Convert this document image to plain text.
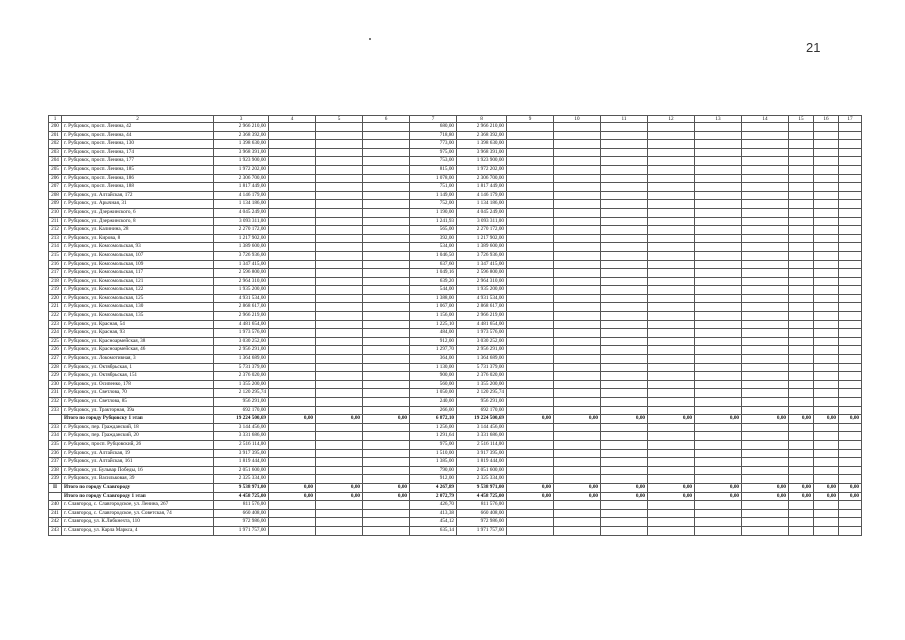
21
1	2	3	4	5	6	7	8	9	10	11	12	13	14	15	16	17
200	г. Рубцовск, просп. Ленина, 42	2 966 210,00				680,00	2 966 210,00									
201	г. Рубцовск, просп. Ленина, 44	2 368 392,00				718,80	2 368 392,00									
202	г. Рубцовск, просп. Ленина, 130	1 398 630,00				773,00	1 398 630,00									
203	г. Рубцовск, просп. Ленина, 174	3 968 391,00				975,00	3 968 391,00									
204	г. Рубцовск, просп. Ленина, 177	1 923 900,00				753,00	1 923 900,00									
205	г. Рубцовск, просп. Ленина, 185	1 972 202,00				815,00	1 972 202,00									
206	г. Рубцовск, просп. Ленина, 186	2 306 700,00				1 078,00	2 306 700,00									
207	г. Рубцовск, просп. Ленина, 188	1 817 449,00				751,00	1 817 449,00									
208	г. Рубцовск, ул. Алтайская, 172	4 146 179,00				1 149,00	4 146 179,00									
209	г. Рубцовск, ул. Арычная, 31	1 134 186,00				752,00	1 134 186,00									
210	г. Рубцовск, ул. Дзержинского, 6	4 045 249,00				1 190,00	4 045 249,00									
211	г. Рубцовск, ул. Дзержинского, 8	3 093 311,00				1 241,93	3 093 311,00									
212	г. Рубцовск, ул. Калинина, 28	2 270 172,00				565,00	2 270 172,00									
213	г. Рубцовск, ул. Кирова, 8	1 217 902,00				392,00	1 217 902,00									
214	г. Рубцовск, ул. Комсомольская, 93	1 389 600,00				534,00	1 389 600,00									
215	г. Рубцовск, ул. Комсомольская, 107	3 726 936,00				1 046,50	3 726 936,00									
216	г. Рубцовск, ул. Комсомольская, 109	1 347 415,00				637,60	1 347 415,00									
217	г. Рубцовск, ул. Комсомольская, 117	2 596 800,00				1 049,16	2 596 800,00									
218	г. Рубцовск, ул. Комсомольская, 121	2 964 310,00				639,20	2 964 310,00									
219	г. Рубцовск, ул. Комсомольская, 122	1 935 200,00				544,00	1 935 200,00									
220	г. Рубцовск, ул. Комсомольская, 125	4 931 534,00				1 388,00	4 931 534,00									
221	г. Рубцовск, ул. Комсомольская, 130	2 868 617,00				1 067,00	2 868 617,00									
222	г. Рубцовск, ул. Комсомольская, 135	2 966 219,00				1 156,00	2 966 219,00									
223	г. Рубцовск, ул. Красная, 54	4 481 654,00				1 225,10	4 481 654,00									
224	г. Рубцовск, ул. Красная, 93	1 973 576,00				484,00	1 973 576,00									
225	г. Рубцовск, ул. Красноармейская, 38	3 030 252,00				912,00	3 030 252,00									
226	г. Рубцовск, ул. Красноармейская, 46	2 956 291,00				1 297,70	2 956 291,00									
227	г. Рубцовск, ул. Локомотивная, 3	1 364 689,00				364,00	1 364 689,00									
228	г. Рубцовск, ул. Октябрьская, 1	5 731 379,00				1 130,00	5 731 379,00									
229	г. Рубцовск, ул. Октябрьская, 151	2 376 020,00				900,00	2 376 020,00									
230	г. Рубцовск, ул. Осипенко, 178	1 355 200,00				560,00	1 355 200,00									
231	г. Рубцовск, ул. Светлова, 70	2 120 295,74				1 050,00	2 120 295,74									
232	г. Рубцовск, ул. Светлова, 85	956 291,00				240,00	956 291,00									
233	г. Рубцовск, ул. Тракторная, 39а	692 170,00				266,00	692 170,00									
	Итого по городу Рубцовску 1 этап	19 224 500,69	0,00	0,00	0,00	6 872,10	19 224 500,69	0,00	0,00	0,00	0,00	0,00	0,00	0,00	0,00	0,00
233	г. Рубцовск, пер. Гражданский, 18	3 144 456,00				1 256,00	3 144 456,00									
234	г. Рубцовск, пер. Гражданский, 20	3 331 686,00				1 291,64	3 331 686,00									
235	г. Рубцовск, просп. Рубцовский, 26	2 516 114,00				975,00	2 516 114,00									
236	г. Рубцовск, ул. Алтайская, 19	3 917 395,00				1 510,00	3 917 395,00									
237	г. Рубцовск, ул. Алтайская, 161	1 819 444,00				1 385,00	1 819 444,00									
238	г. Рубцовск, ул. Бульвар Победы, 16	2 051 600,00				790,00	2 051 600,00									
239	г. Рубцовск, ул. Васильковая, 39	2 325 334,00				912,00	2 325 334,00									
II	Итого по городу Славгороду	9 538 971,00	0,00	0,00	0,00	4 267,89	9 538 971,00	0,00	0,00	0,00	0,00	0,00	0,00	0,00	0,00	0,00
	Итого по городу Славгороду 1 этап	4 458 725,00	0,00	0,00	0,00	2 072,79	4 458 725,00	0,00	0,00	0,00	0,00	0,00	0,00	0,00	0,00	0,00
240	г. Славгород, с. Славгородское, ул. Ленина, 267	811 576,00				426,70	811 576,00									
241	г. Славгород, с. Славгородское, ул. Советская, 74	660 408,00				413,38	660 408,00									
242	г. Славгород, ул. К.Либкнехта, 110	972 986,00				454,12	972 986,00									
243	г. Славгород, ул. Карла Маркса, 4	1 971 757,00				635,14	1 971 757,00									
